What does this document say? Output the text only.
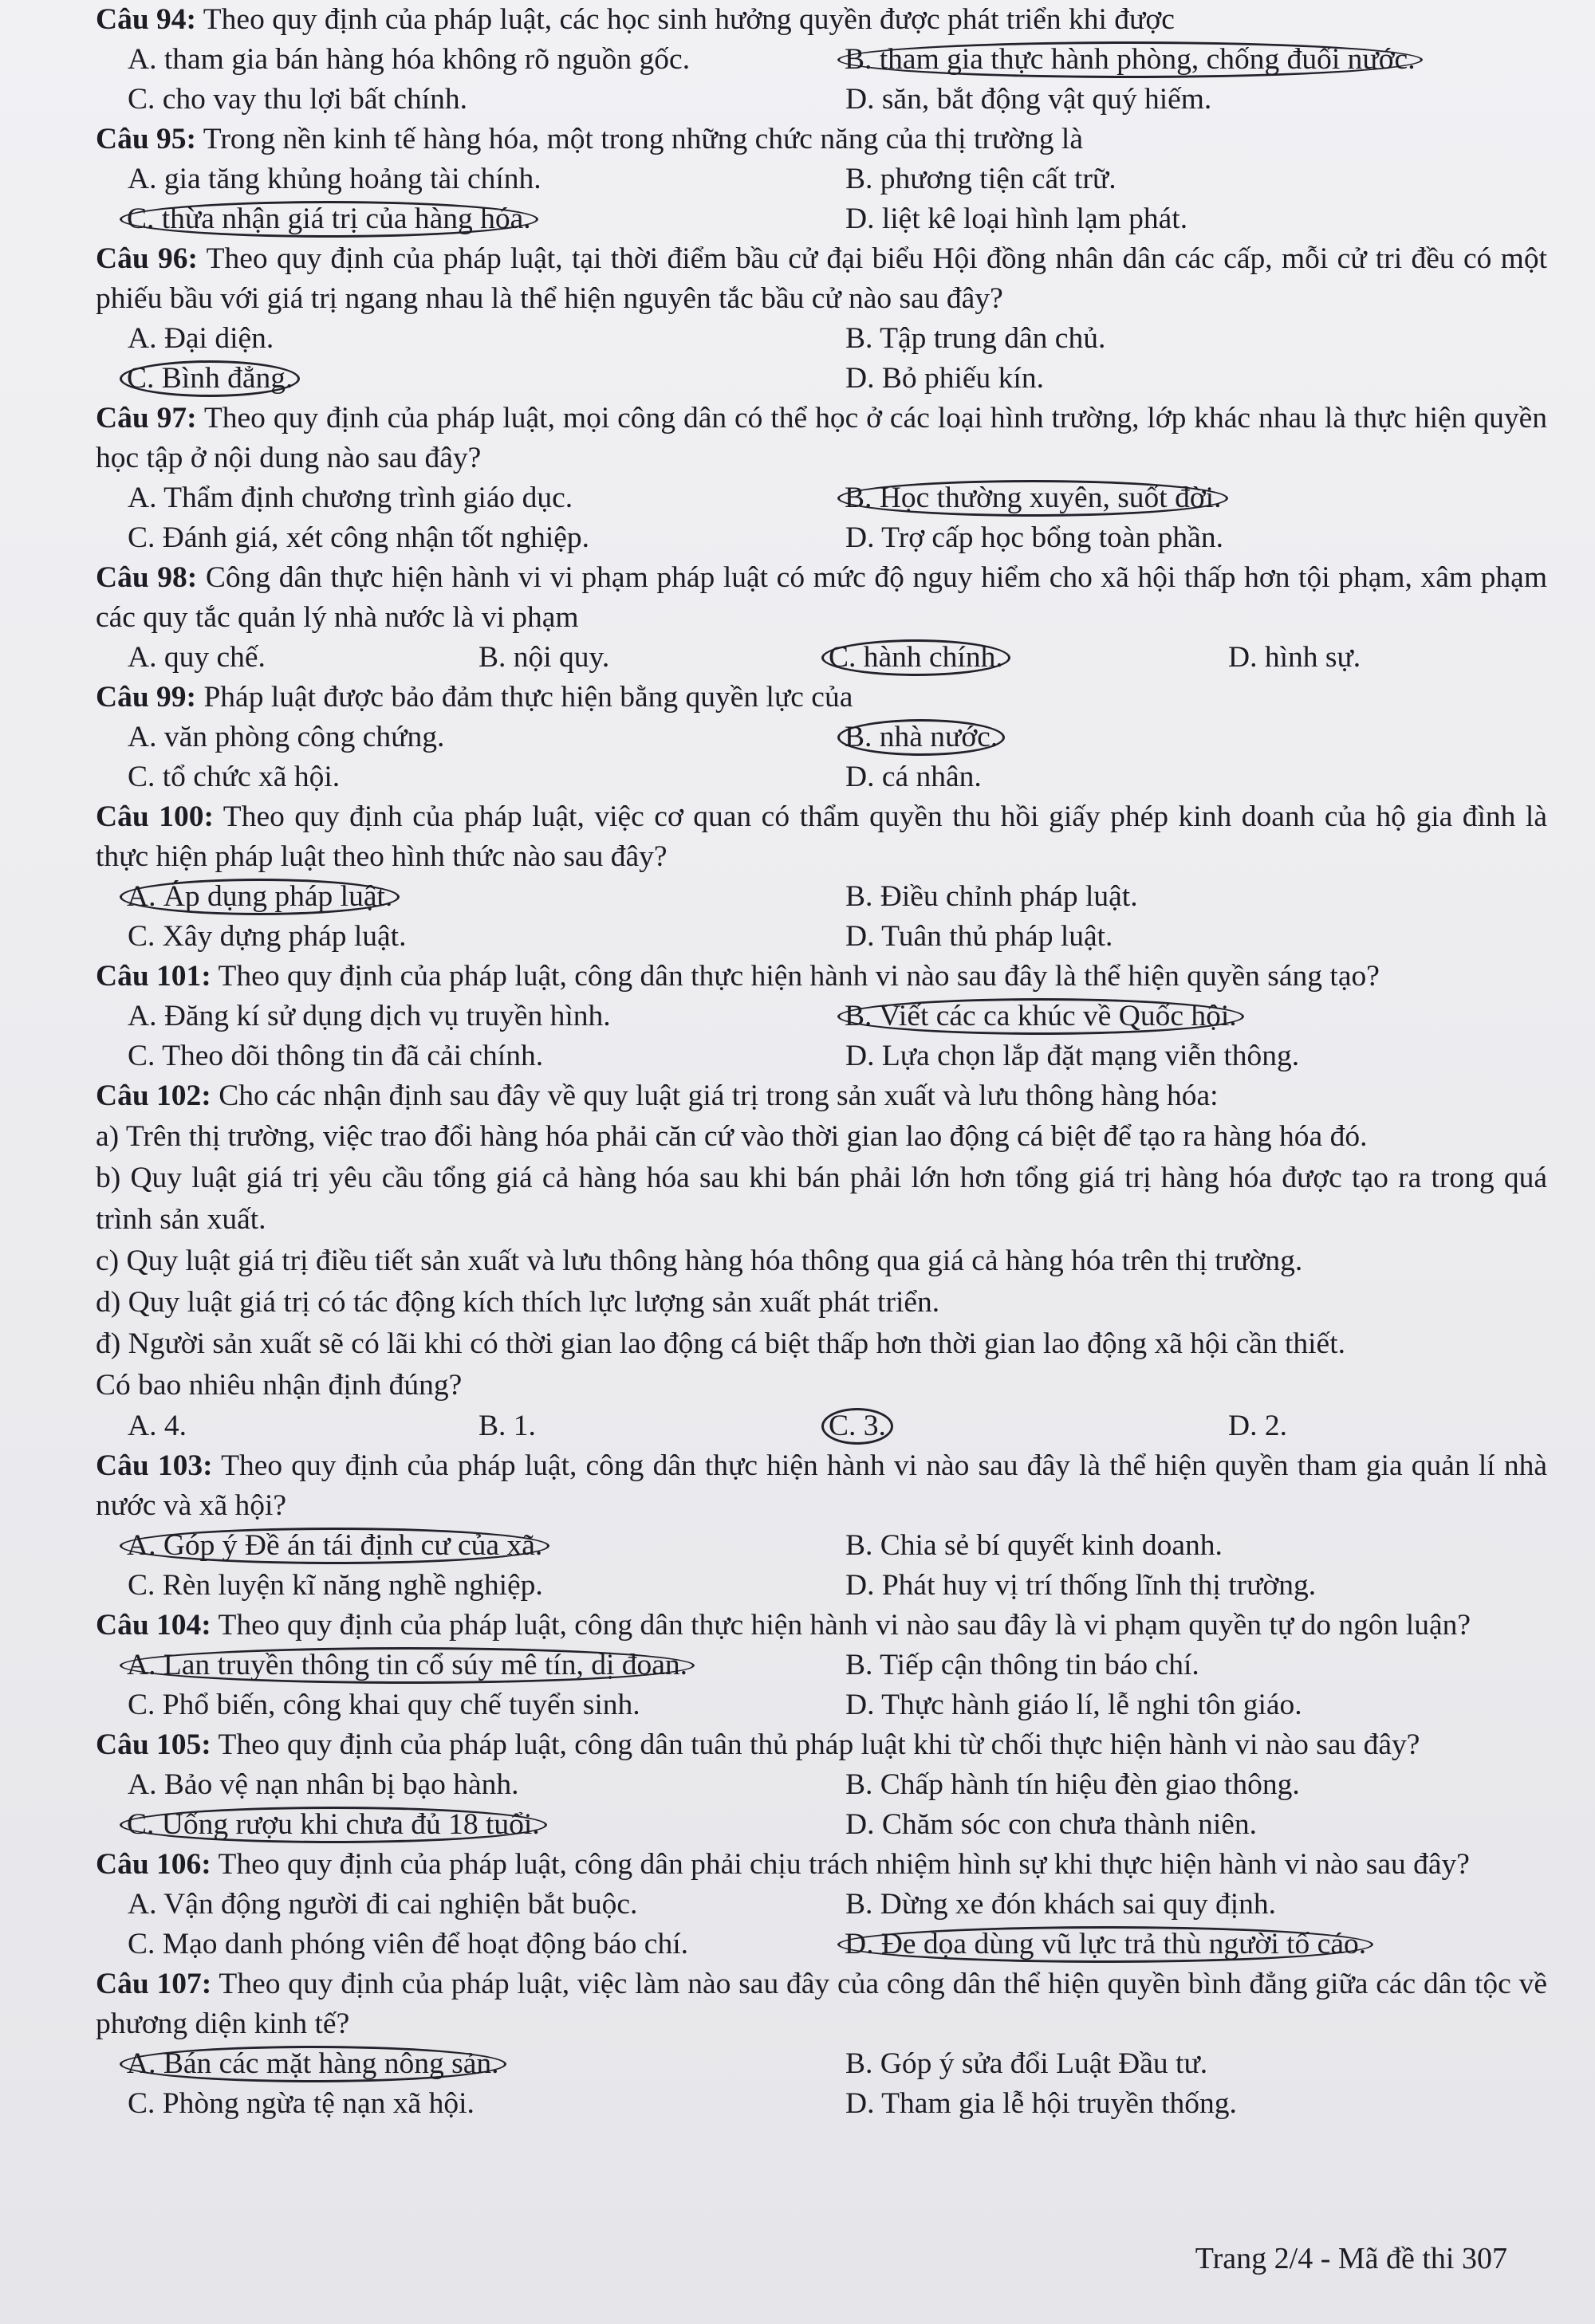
Câu 94: Theo quy định của pháp luật, các học sinh hưởng quyền được phát triển khi được

A. tham gia bán hàng hóa không rõ nguồn gốc.	B. tham gia thực hành phòng, chống đuối nước.
C. cho vay thu lợi bất chính.	D. săn, bắt động vật quý hiếm.

Câu 95: Trong nền kinh tế hàng hóa, một trong những chức năng của thị trường là

A. gia tăng khủng hoảng tài chính.	B. phương tiện cất trữ.
C. thừa nhận giá trị của hàng hóa.	D. liệt kê loại hình lạm phát.

Câu 96: Theo quy định của pháp luật, tại thời điểm bầu cử đại biểu Hội đồng nhân dân các cấp, mỗi cử tri đều có một phiếu bầu với giá trị ngang nhau là thể hiện nguyên tắc bầu cử nào sau đây?

A. Đại diện.	B. Tập trung dân chủ.
C. Bình đẳng.	D. Bỏ phiếu kín.

Câu 97: Theo quy định của pháp luật, mọi công dân có thể học ở các loại hình trường, lớp khác nhau là thực hiện quyền học tập ở nội dung nào sau đây?

A. Thẩm định chương trình giáo dục.	B. Học thường xuyên, suốt đời.
C. Đánh giá, xét công nhận tốt nghiệp.	D. Trợ cấp học bổng toàn phần.

Câu 98: Công dân thực hiện hành vi vi phạm pháp luật có mức độ nguy hiểm cho xã hội thấp hơn tội phạm, xâm phạm các quy tắc quản lý nhà nước là vi phạm

A. quy chế.	B. nội quy.	C. hành chính.	D. hình sự.

Câu 99: Pháp luật được bảo đảm thực hiện bằng quyền lực của

A. văn phòng công chứng.	B. nhà nước.
C. tổ chức xã hội.	D. cá nhân.

Câu 100: Theo quy định của pháp luật, việc cơ quan có thẩm quyền thu hồi giấy phép kinh doanh của hộ gia đình là thực hiện pháp luật theo hình thức nào sau đây?

A. Áp dụng pháp luật.	B. Điều chỉnh pháp luật.
C. Xây dựng pháp luật.	D. Tuân thủ pháp luật.

Câu 101: Theo quy định của pháp luật, công dân thực hiện hành vi nào sau đây là thể hiện quyền sáng tạo?

A. Đăng kí sử dụng dịch vụ truyền hình.	B. Viết các ca khúc về Quốc hội.
C. Theo dõi thông tin đã cải chính.	D. Lựa chọn lắp đặt mạng viễn thông.

Câu 102: Cho các nhận định sau đây về quy luật giá trị trong sản xuất và lưu thông hàng hóa:

a) Trên thị trường, việc trao đổi hàng hóa phải căn cứ vào thời gian lao động cá biệt để tạo ra hàng hóa đó.

b) Quy luật giá trị yêu cầu tổng giá cả hàng hóa sau khi bán phải lớn hơn tổng giá trị hàng hóa được tạo ra trong quá trình sản xuất.

c) Quy luật giá trị điều tiết sản xuất và lưu thông hàng hóa thông qua giá cả hàng hóa trên thị trường.

d) Quy luật giá trị có tác động kích thích lực lượng sản xuất phát triển.

đ) Người sản xuất sẽ có lãi khi có thời gian lao động cá biệt thấp hơn thời gian lao động xã hội cần thiết.

Có bao nhiêu nhận định đúng?

A. 4.	B. 1.	C. 3.	D. 2.

Câu 103: Theo quy định của pháp luật, công dân thực hiện hành vi nào sau đây là thể hiện quyền tham gia quản lí nhà nước và xã hội?

A. Góp ý Đề án tái định cư của xã.	B. Chia sẻ bí quyết kinh doanh.
C. Rèn luyện kĩ năng nghề nghiệp.	D. Phát huy vị trí thống lĩnh thị trường.

Câu 104: Theo quy định của pháp luật, công dân thực hiện hành vi nào sau đây là vi phạm quyền tự do ngôn luận?

A. Lan truyền thông tin cổ súy mê tín, dị đoan.	B. Tiếp cận thông tin báo chí.
C. Phổ biến, công khai quy chế tuyển sinh.	D. Thực hành giáo lí, lễ nghi tôn giáo.

Câu 105: Theo quy định của pháp luật, công dân tuân thủ pháp luật khi từ chối thực hiện hành vi nào sau đây?

A. Bảo vệ nạn nhân bị bạo hành.	B. Chấp hành tín hiệu đèn giao thông.
C. Uống rượu khi chưa đủ 18 tuổi.	D. Chăm sóc con chưa thành niên.

Câu 106: Theo quy định của pháp luật, công dân phải chịu trách nhiệm hình sự khi thực hiện hành vi nào sau đây?

A. Vận động người đi cai nghiện bắt buộc.	B. Dừng xe đón khách sai quy định.
C. Mạo danh phóng viên để hoạt động báo chí.	D. Đe dọa dùng vũ lực trả thù người tố cáo.

Câu 107: Theo quy định của pháp luật, việc làm nào sau đây của công dân thể hiện quyền bình đẳng giữa các dân tộc về phương diện kinh tế?

A. Bán các mặt hàng nông sản.	B. Góp ý sửa đổi Luật Đầu tư.
C. Phòng ngừa tệ nạn xã hội.	D. Tham gia lễ hội truyền thống.
Trang 2/4 - Mã đề thi 307
